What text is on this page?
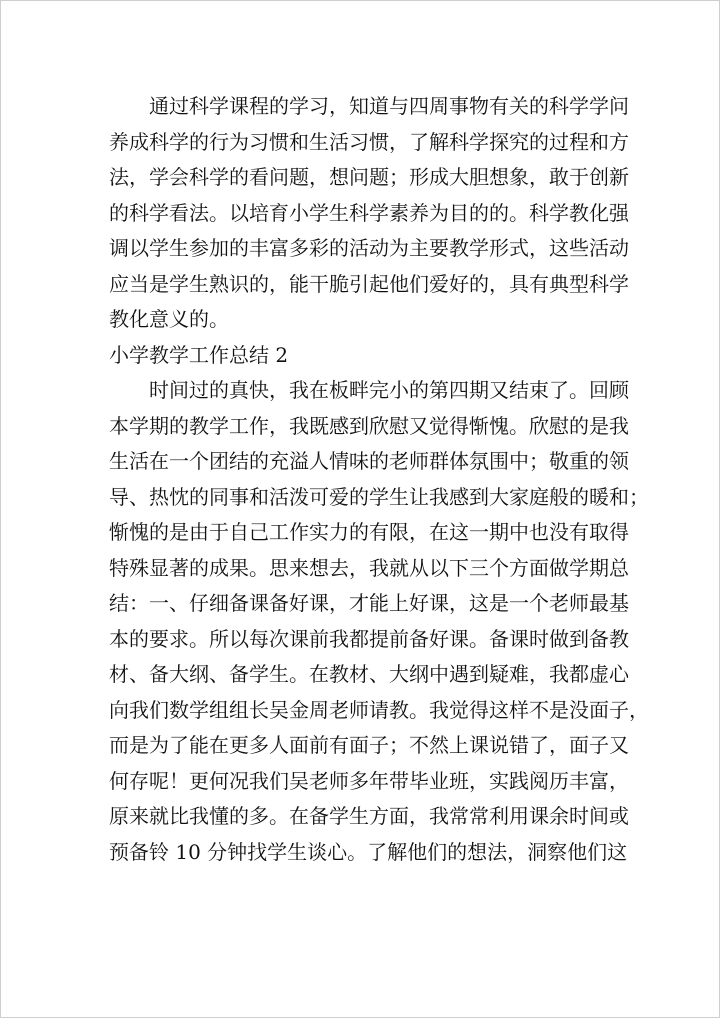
通过科学课程的学习，知道与四周事物有关的科学学问
养成科学的行为习惯和生活习惯，了解科学探究的过程和方
法，学会科学的看问题，想问题；形成大胆想象，敢于创新
的科学看法。以培育小学生科学素养为目的的。科学教化强
调以学生参加的丰富多彩的活动为主要教学形式，这些活动
应当是学生熟识的，能干脆引起他们爱好的，具有典型科学
教化意义的。
小学教学工作总结 2
时间过的真快，我在板畔完小的第四期又结束了。回顾
本学期的教学工作，我既感到欣慰又觉得惭愧。欣慰的是我
生活在一个团结的充溢人情味的老师群体氛围中；敬重的领
导、热忱的同事和活泼可爱的学生让我感到大家庭般的暖和；
惭愧的是由于自己工作实力的有限，在这一期中也没有取得
特殊显著的成果。思来想去，我就从以下三个方面做学期总
结：一、仔细备课备好课，才能上好课，这是一个老师最基
本的要求。所以每次课前我都提前备好课。备课时做到备教
材、备大纲、备学生。在教材、大纲中遇到疑难，我都虚心
向我们数学组组长吴金周老师请教。我觉得这样不是没面子，
而是为了能在更多人面前有面子；不然上课说错了，面子又
何存呢！更何况我们吴老师多年带毕业班，实践阅历丰富，
原来就比我懂的多。在备学生方面，我常常利用课余时间或
预备铃 10 分钟找学生谈心。了解他们的想法，洞察他们这
